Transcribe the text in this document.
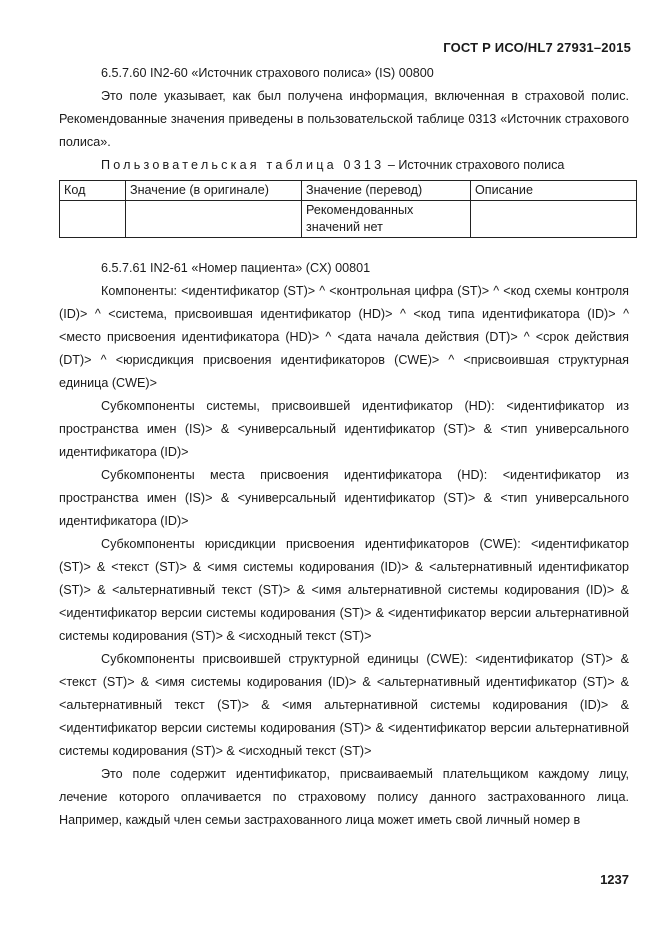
ГОСТ Р ИСО/HL7 27931–2015

6.5.7.60 IN2-60 «Источник страхового полиса» (IS) 00800

Это поле указывает, как был получена информация, включенная в страховой полис. Рекомендованные значения приведены в пользовательской таблице 0313 «Источник страхового полиса».

Пользовательская таблица 0313 – Источник страхового полиса

Код	Значение (в оригинале)	Значение (перевод)	Описание
		Рекомендованных значений нет	

6.5.7.61 IN2-61 «Номер пациента» (CX) 00801

Компоненты: <идентификатор (ST)> ^ <контрольная цифра (ST)> ^ <код схемы контроля (ID)> ^ <система, присвоившая идентификатор (HD)> ^ <код типа идентификатора (ID)> ^ <место присвоения идентификатора (HD)> ^ <дата начала действия (DT)> ^ <срок действия (DT)> ^ <юрисдикция присвоения идентификаторов (CWE)> ^ <присвоившая структурная единица (CWE)>

Субкомпоненты системы, присвоившей идентификатор (HD): <идентификатор из пространства имен (IS)> & <универсальный идентификатор (ST)> & <тип универсального идентификатора (ID)>

Субкомпоненты места присвоения идентификатора (HD): <идентификатор из пространства имен (IS)> & <универсальный идентификатор (ST)> & <тип универсального идентификатора (ID)>

Субкомпоненты юрисдикции присвоения идентификаторов (CWE): <идентификатор (ST)> & <текст (ST)> & <имя системы кодирования (ID)> & <альтернативный идентификатор (ST)> & <альтернативный текст (ST)> & <имя альтернативной системы кодирования (ID)> & <идентификатор версии системы кодирования (ST)> & <идентификатор версии альтернативной системы кодирования (ST)> & <исходный текст (ST)>

Субкомпоненты присвоившей структурной единицы (CWE): <идентификатор (ST)> & <текст (ST)> & <имя системы кодирования (ID)> & <альтернативный идентификатор (ST)> & <альтернативный текст (ST)> & <имя альтернативной системы кодирования (ID)> & <идентификатор версии системы кодирования (ST)> & <идентификатор версии альтернативной системы кодирования (ST)> & <исходный текст (ST)>

Это поле содержит идентификатор, присваиваемый плательщиком каждому лицу, лечение которого оплачивается по страховому полису данного застрахованного лица. Например, каждый член семьи застрахованного лица может иметь свой личный номер в

1237
